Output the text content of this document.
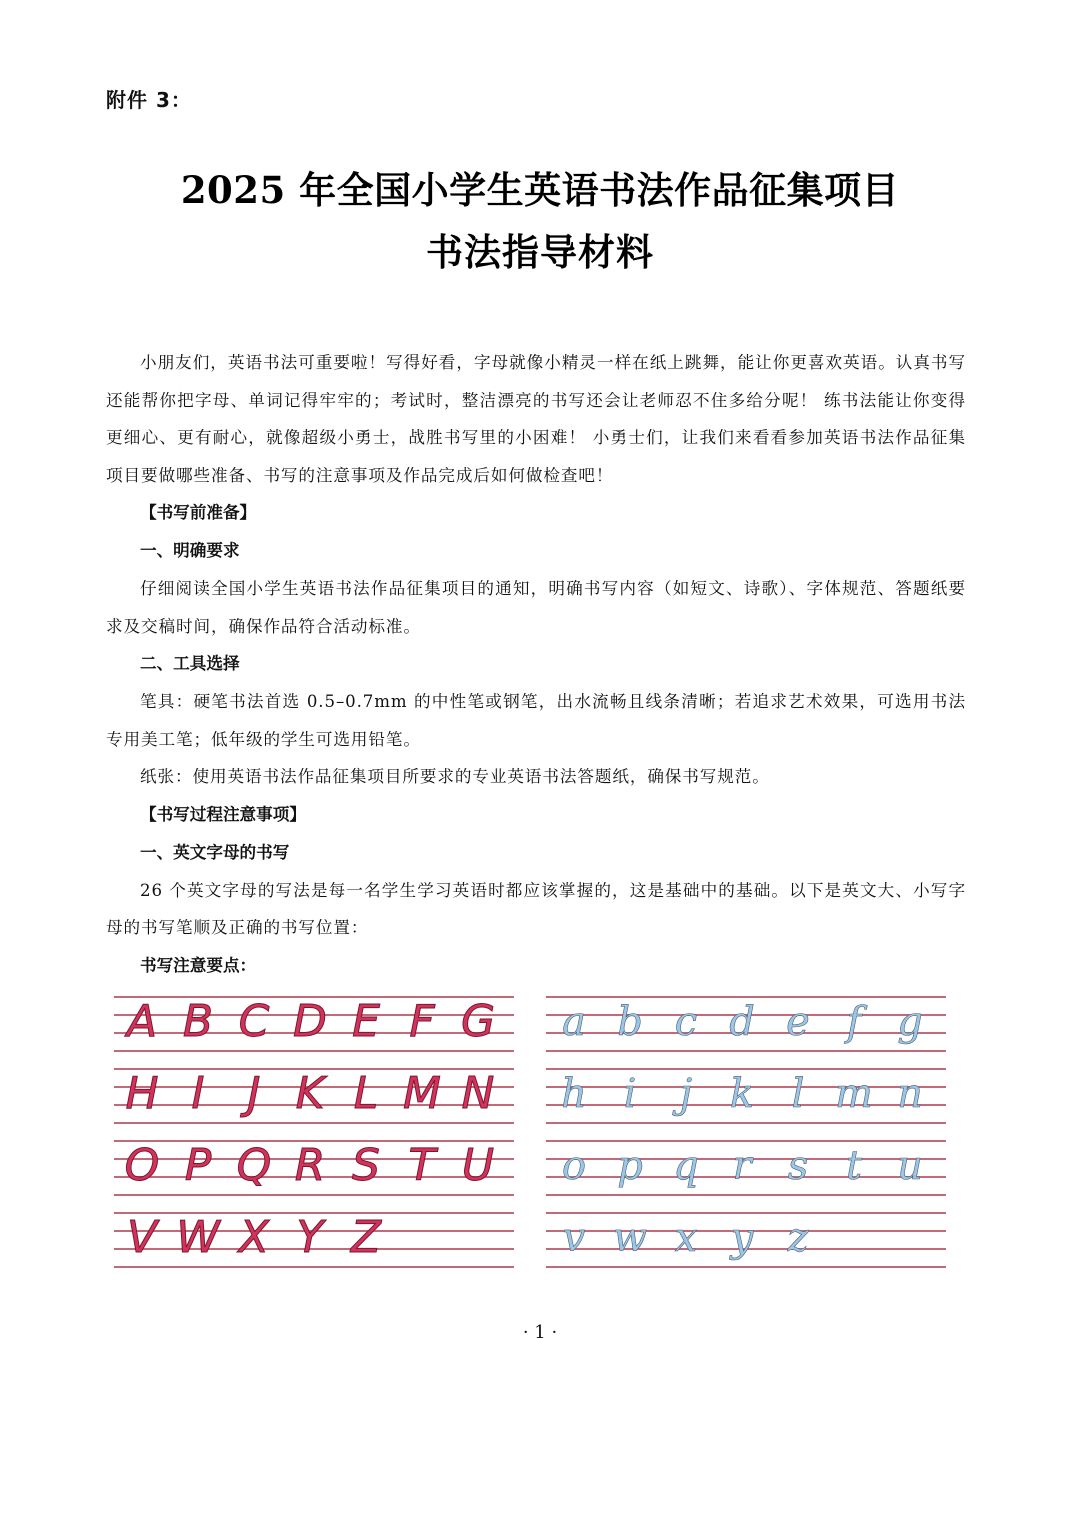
附件 3：
2025 年全国小学生英语书法作品征集项目
书法指导材料

小朋友们，英语书法可重要啦！写得好看，字母就像小精灵一样在纸上跳舞，能让你更喜欢英语。认真书写还能帮你把字母、单词记得牢牢的；考试时，整洁漂亮的书写还会让老师忍不住多给分呢！ 练书法能让你变得更细心、更有耐心，就像超级小勇士，战胜书写里的小困难！ 小勇士们，让我们来看看参加英语书法作品征集项目要做哪些准备、书写的注意事项及作品完成后如何做检查吧！

【书写前准备】

一、明确要求

仔细阅读全国小学生英语书法作品征集项目的通知，明确书写内容（如短文、诗歌）、字体规范、答题纸要求及交稿时间，确保作品符合活动标准。

二、工具选择

笔具：硬笔书法首选 0.5–0.7mm 的中性笔或钢笔，出水流畅且线条清晰；若追求艺术效果，可选用书法专用美工笔；低年级的学生可选用铅笔。

纸张：使用英语书法作品征集项目所要求的专业英语书法答题纸，确保书写规范。

【书写过程注意事项】

一、英文字母的书写

26 个英文字母的写法是每一名学生学习英语时都应该掌握的，这是基础中的基础。以下是英文大、小写字母的书写笔顺及正确的书写位置：

书写注意要点：

A B C D E F G
H I J K L M N
O P Q R S T U
V W X Y Z
a b c d e f g
h i	j k l m n
o p q r s t u
v w x y z
· 1 ·
